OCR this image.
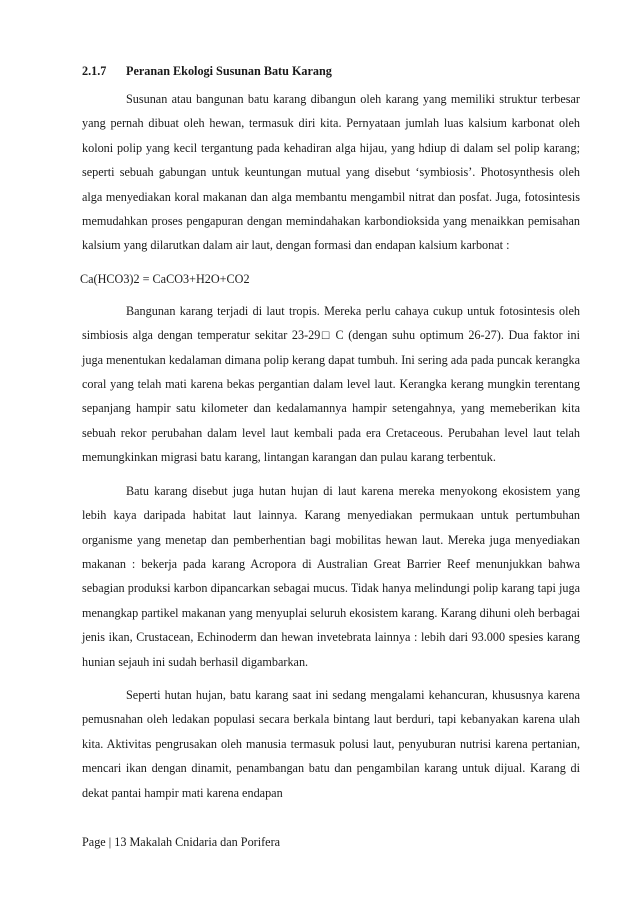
2.1.7 Peranan Ekologi Susunan Batu Karang

Susunan atau bangunan batu karang dibangun oleh karang yang memiliki struktur terbesar yang pernah dibuat oleh hewan, termasuk diri kita. Pernyataan jumlah luas kalsium karbonat oleh koloni polip yang kecil tergantung pada kehadiran alga hijau, yang hdiup di dalam sel polip karang; seperti sebuah gabungan untuk keuntungan mutual yang disebut ‘symbiosis’. Photosynthesis oleh alga menyediakan koral makanan dan alga membantu mengambil nitrat dan posfat. Juga, fotosintesis memudahkan proses pengapuran dengan memindahakan karbondioksida yang menaikkan pemisahan kalsium yang dilarutkan dalam air laut, dengan formasi dan endapan kalsium karbonat :

Ca(HCO3)2 = CaCO3+H2O+CO2

Bangunan karang terjadi di laut tropis. Mereka perlu cahaya cukup untuk fotosintesis oleh simbiosis alga dengan temperatur sekitar 23-29□ C (dengan suhu optimum 26-27). Dua faktor ini juga menentukan kedalaman dimana polip kerang dapat tumbuh. Ini sering ada pada puncak kerangka coral yang telah mati karena bekas pergantian dalam level laut. Kerangka kerang mungkin terentang sepanjang hampir satu kilometer dan kedalamannya hampir setengahnya, yang memeberikan kita sebuah rekor perubahan dalam level laut kembali pada era Cretaceous. Perubahan level laut telah memungkinkan migrasi batu karang, lintangan karangan dan pulau karang terbentuk.

Batu karang disebut juga hutan hujan di laut karena mereka menyokong ekosistem yang lebih kaya daripada habitat laut lainnya. Karang menyediakan permukaan untuk pertumbuhan organisme yang menetap dan pemberhentian bagi mobilitas hewan laut. Mereka juga menyediakan makanan : bekerja pada karang Acropora di Australian Great Barrier Reef menunjukkan bahwa sebagian produksi karbon dipancarkan sebagai mucus. Tidak hanya melindungi polip karang tapi juga menangkap partikel makanan yang menyuplai seluruh ekosistem karang. Karang dihuni oleh berbagai jenis ikan, Crustacean, Echinoderm dan hewan invetebrata lainnya : lebih dari 93.000 spesies karang hunian sejauh ini sudah berhasil digambarkan.

Seperti hutan hujan, batu karang saat ini sedang mengalami kehancuran, khususnya karena pemusnahan oleh ledakan populasi secara berkala bintang laut berduri, tapi kebanyakan karena ulah kita. Aktivitas pengrusakan oleh manusia termasuk polusi laut, penyuburan nutrisi karena pertanian, mencari ikan dengan dinamit, penambangan batu dan pengambilan karang untuk dijual. Karang di dekat pantai hampir mati karena endapan

Page | 13 Makalah Cnidaria dan Porifera
